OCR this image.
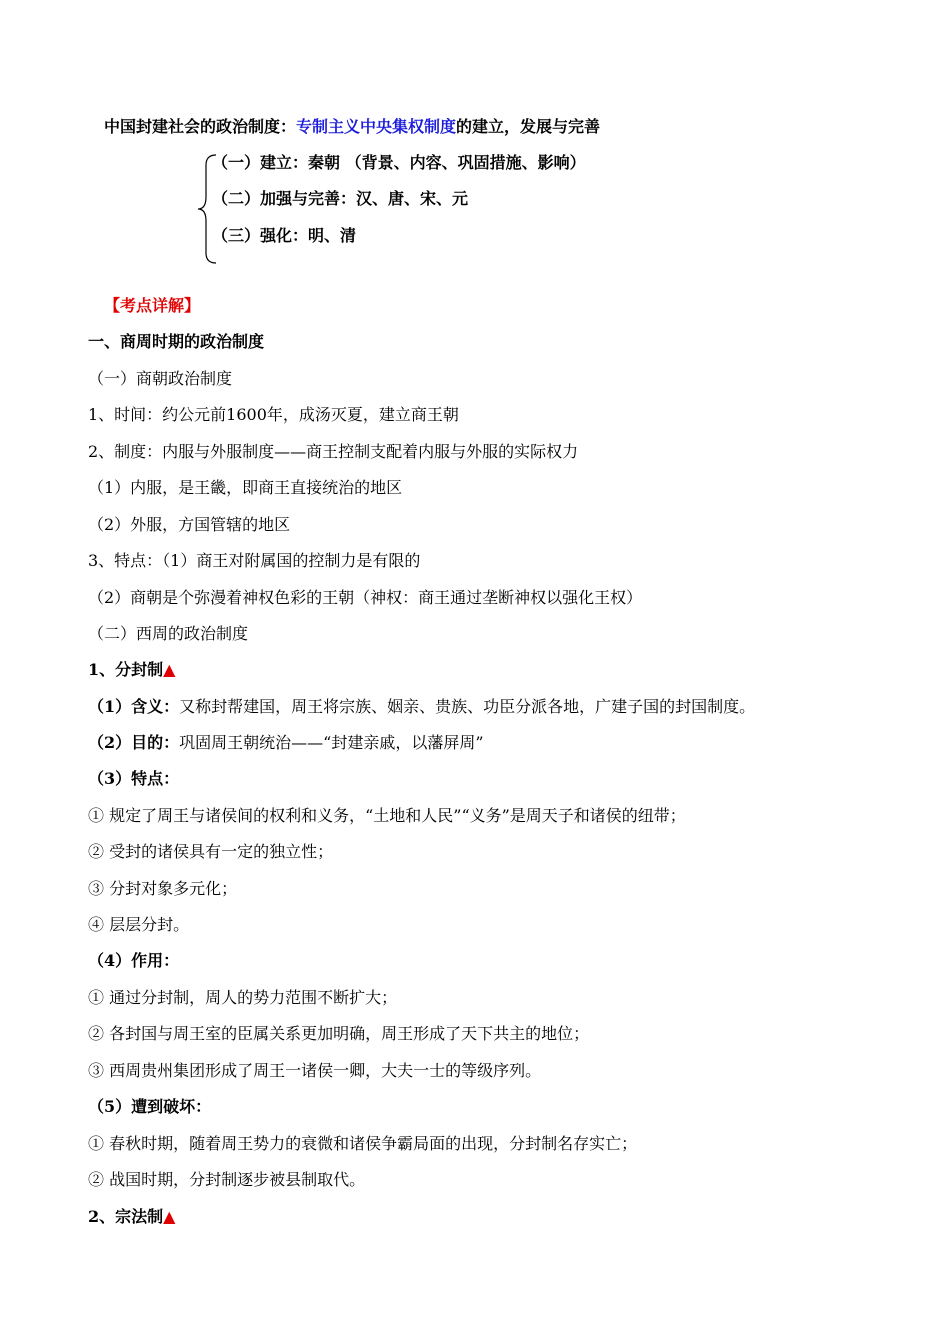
中国封建社会的政治制度：专制主义中央集权制度的建立，发展与完善
（一）建立：秦朝 （背景、内容、巩固措施、影响）
（二）加强与完善：汉、唐、宋、元
（三）强化：明、清
【考点详解】
一、商周时期的政治制度
（一）商朝政治制度
1、时间：约公元前1600年，成汤灭夏，建立商王朝
2、制度：内服与外服制度——商王控制支配着内服与外服的实际权力
（1）内服，是王畿，即商王直接统治的地区
（2）外服，方国管辖的地区
3、特点：（1）商王对附属国的控制力是有限的
（2）商朝是个弥漫着神权色彩的王朝（神权：商王通过垄断神权以强化王权）
（二）西周的政治制度
1、分封制▲
（1）含义：又称封帮建国，周王将宗族、姻亲、贵族、功臣分派各地，广建子国的封国制度。
（2）目的：巩固周王朝统治——“封建亲戚，以藩屏周”
（3）特点：
① 规定了周王与诸侯间的权利和义务，“土地和人民”“义务”是周天子和诸侯的纽带；
② 受封的诸侯具有一定的独立性；
③ 分封对象多元化；
④ 层层分封。
（4）作用：
① 通过分封制，周人的势力范围不断扩大；
② 各封国与周王室的臣属关系更加明确，周王形成了天下共主的地位；
③ 西周贵州集团形成了周王一诸侯一卿，大夫一士的等级序列。
（5）遭到破坏：
① 春秋时期，随着周王势力的衰微和诸侯争霸局面的出现，分封制名存实亡；
② 战国时期，分封制逐步被县制取代。
2、宗法制▲
